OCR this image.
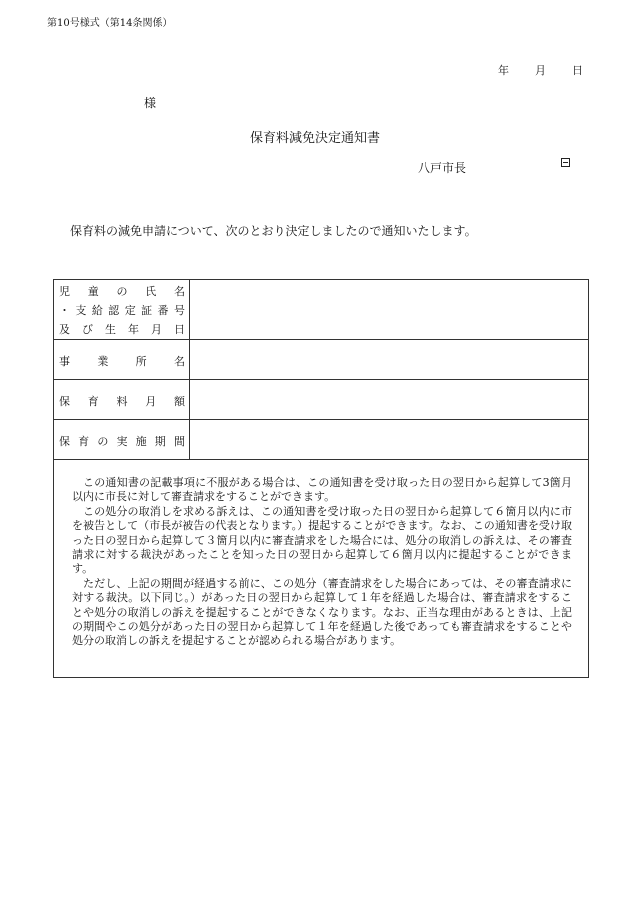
第10号様式（第14条関係）
年 月 日
様
保育料減免決定通知書
八戸市長
保育料の減免申請について、次のとおり決定しましたので通知いたします。
児 童 の 氏 名
・ 支 給 認 定 証 番 号
及 び 生 年 月 日
事 業 所 名
保 育 料 月 額
保 育 の 実 施 期 間

この通知書の記載事項に不服がある場合は、この通知書を受け取った日の翌日から起算して3箇月以内に市長に対して審査請求をすることができます。

この処分の取消しを求める訴えは、この通知書を受け取った日の翌日から起算して６箇月以内に市を被告として（市長が被告の代表となります。）提起することができます。なお、この通知書を受け取った日の翌日から起算して３箇月以内に審査請求をした場合には、処分の取消しの訴えは、その審査請求に対する裁決があったことを知った日の翌日から起算して６箇月以内に提起することができます。

ただし、上記の期間が経過する前に、この処分（審査請求をした場合にあっては、その審査請求に対する裁決。以下同じ。）があった日の翌日から起算して１年を経過した場合は、審査請求をすることや処分の取消しの訴えを提起することができなくなります。なお、正当な理由があるときは、上記の期間やこの処分があった日の翌日から起算して１年を経過した後であっても審査請求をすることや処分の取消しの訴えを提起することが認められる場合があります。
